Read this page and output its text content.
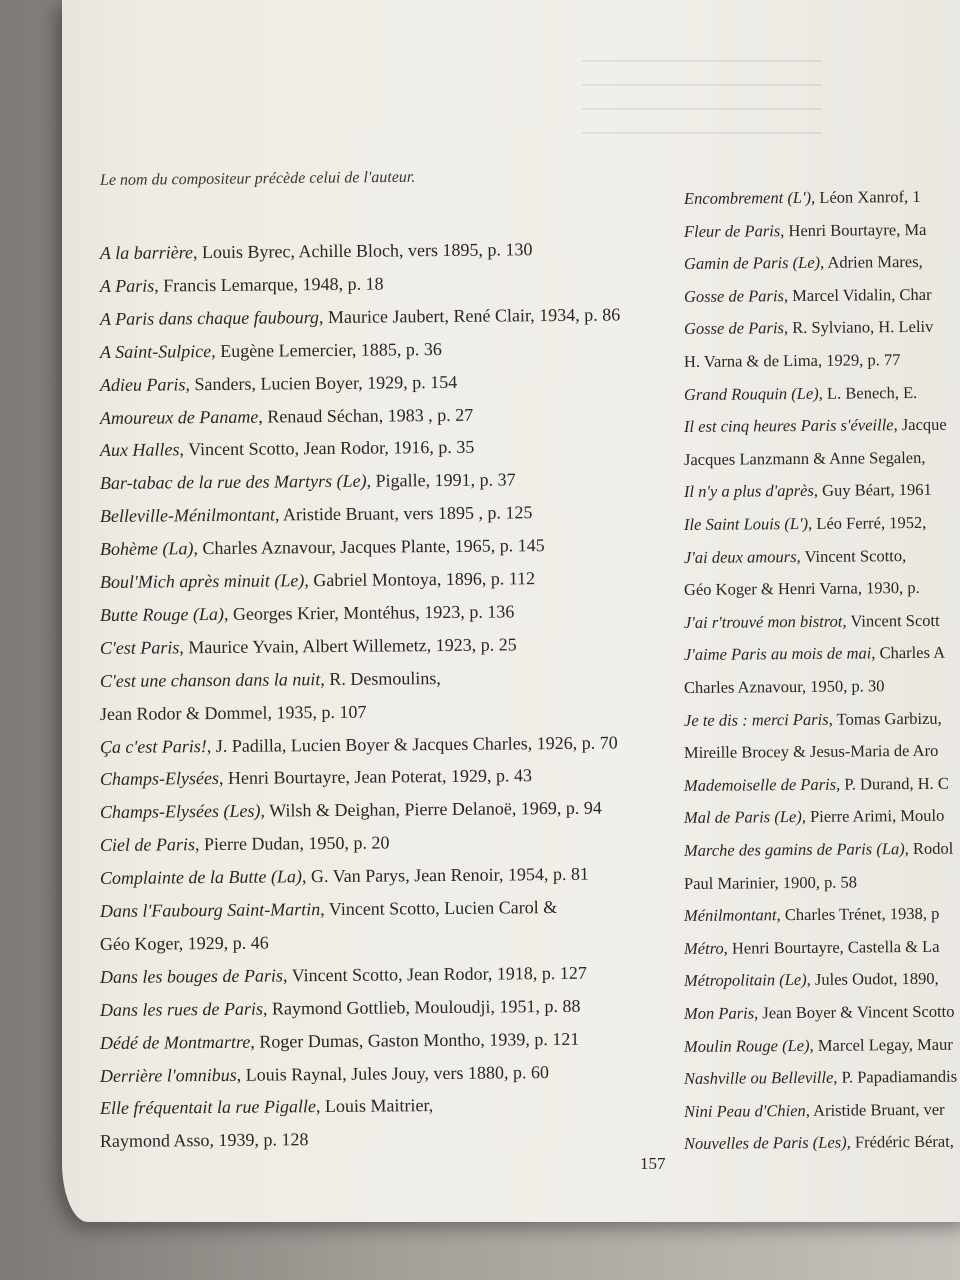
Le nom du compositeur précède celui de l'auteur.
A la barrière, Louis Byrec, Achille Bloch, vers 1895, p. 130
A Paris, Francis Lemarque, 1948, p. 18
A Paris dans chaque faubourg, Maurice Jaubert, René Clair, 1934, p. 86
A Saint-Sulpice, Eugène Lemercier, 1885, p. 36
Adieu Paris, Sanders, Lucien Boyer, 1929, p. 154
Amoureux de Paname, Renaud Séchan, 1983 , p. 27
Aux Halles, Vincent Scotto, Jean Rodor, 1916, p. 35
Bar-tabac de la rue des Martyrs (Le), Pigalle, 1991, p. 37
Belleville-Ménilmontant, Aristide Bruant, vers 1895 , p. 125
Bohème (La), Charles Aznavour, Jacques Plante, 1965, p. 145
Boul'Mich après minuit (Le), Gabriel Montoya, 1896, p. 112
Butte Rouge (La), Georges Krier, Montéhus, 1923, p. 136
C'est Paris, Maurice Yvain, Albert Willemetz, 1923, p. 25
C'est une chanson dans la nuit, R. Desmoulins,
Jean Rodor & Dommel, 1935, p. 107
Ça c'est Paris!, J. Padilla, Lucien Boyer & Jacques Charles, 1926, p. 70
Champs-Elysées, Henri Bourtayre, Jean Poterat, 1929, p. 43
Champs-Elysées (Les), Wilsh & Deighan, Pierre Delanoë, 1969, p. 94
Ciel de Paris, Pierre Dudan, 1950, p. 20
Complainte de la Butte (La), G. Van Parys, Jean Renoir, 1954, p. 81
Dans l'Faubourg Saint-Martin, Vincent Scotto, Lucien Carol &
Géo Koger, 1929, p. 46
Dans les bouges de Paris, Vincent Scotto, Jean Rodor, 1918, p. 127
Dans les rues de Paris, Raymond Gottlieb, Mouloudji, 1951, p. 88
Dédé de Montmartre, Roger Dumas, Gaston Montho, 1939, p. 121
Derrière l'omnibus, Louis Raynal, Jules Jouy, vers 1880, p. 60
Elle fréquentait la rue Pigalle, Louis Maitrier,
Raymond Asso, 1939, p. 128
Encombrement (L'), Léon Xanrof, 1
Fleur de Paris, Henri Bourtayre, Ma
Gamin de Paris (Le), Adrien Mares,
Gosse de Paris, Marcel Vidalin, Char
Gosse de Paris, R. Sylviano, H. Leliv
H. Varna & de Lima, 1929, p. 77
Grand Rouquin (Le), L. Benech, E.
Il est cinq heures Paris s'éveille, Jacque
Jacques Lanzmann & Anne Segalen,
Il n'y a plus d'après, Guy Béart, 1961
Ile Saint Louis (L'), Léo Ferré, 1952,
J'ai deux amours, Vincent Scotto,
Géo Koger & Henri Varna, 1930, p.
J'ai r'trouvé mon bistrot, Vincent Scott
J'aime Paris au mois de mai, Charles A
Charles Aznavour, 1950, p. 30
Je te dis : merci Paris, Tomas Garbizu,
Mireille Brocey & Jesus-Maria de Aro
Mademoiselle de Paris, P. Durand, H. C
Mal de Paris (Le), Pierre Arimi, Moulo
Marche des gamins de Paris (La), Rodol
Paul Marinier, 1900, p. 58
Ménilmontant, Charles Trénet, 1938, p
Métro, Henri Bourtayre, Castella & La
Métropolitain (Le), Jules Oudot, 1890,
Mon Paris, Jean Boyer & Vincent Scotto
Moulin Rouge (Le), Marcel Legay, Maur
Nashville ou Belleville, P. Papadiamandis
Nini Peau d'Chien, Aristide Bruant, ver
Nouvelles de Paris (Les), Frédéric Bérat,
157
